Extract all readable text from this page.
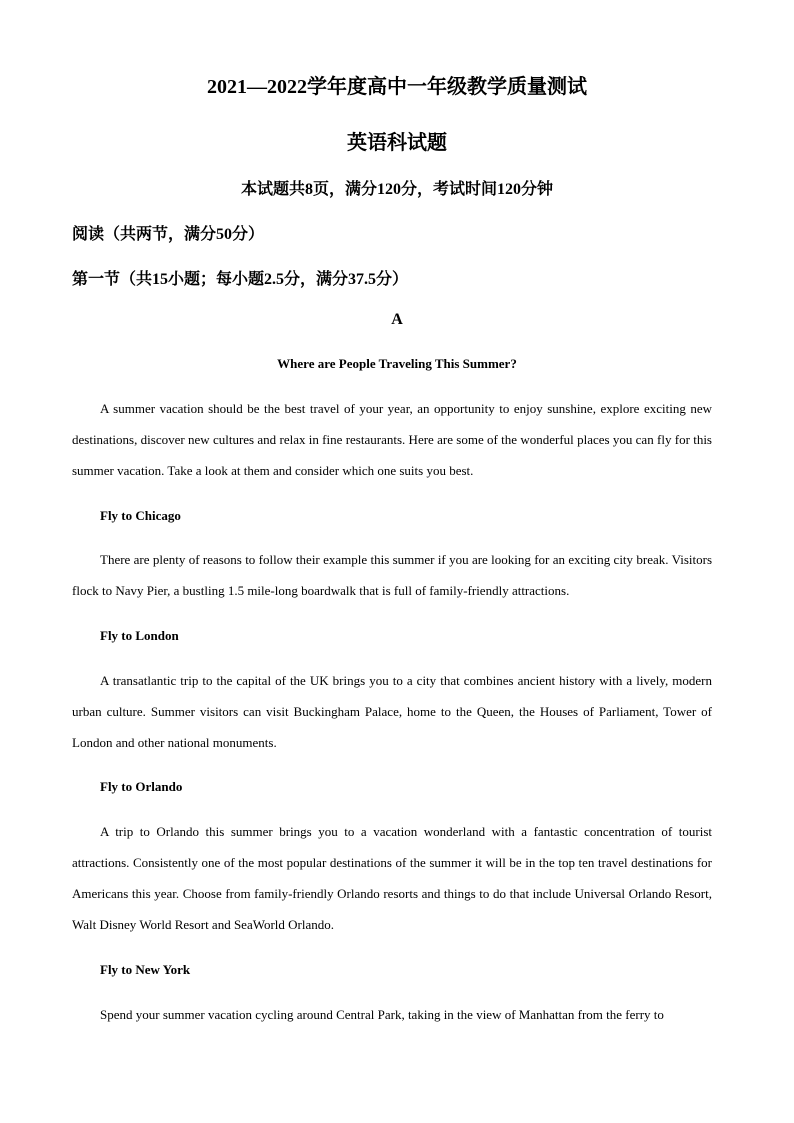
2021—2022学年度高中一年级教学质量测试
英语科试题
本试题共8页，满分120分，考试时间120分钟
阅读（共两节，满分50分）
第一节（共15小题；每小题2.5分，满分37.5分）
A
Where are People Traveling This Summer?

A summer vacation should be the best travel of your year, an opportunity to enjoy sunshine, explore exciting new destinations, discover new cultures and relax in fine restaurants. Here are some of the wonderful places you can fly for this summer vacation. Take a look at them and consider which one suits you best.

Fly to Chicago

There are plenty of reasons to follow their example this summer if you are looking for an exciting city break. Visitors flock to Navy Pier, a bustling 1.5 mile-long boardwalk that is full of family-friendly attractions.

Fly to London

A transatlantic trip to the capital of the UK brings you to a city that combines ancient history with a lively, modern urban culture. Summer visitors can visit Buckingham Palace, home to the Queen, the Houses of Parliament, Tower of London and other national monuments.

Fly to Orlando

A trip to Orlando this summer brings you to a vacation wonderland with a fantastic concentration of tourist attractions. Consistently one of the most popular destinations of the summer it will be in the top ten travel destinations for Americans this year. Choose from family-friendly Orlando resorts and things to do that include Universal Orlando Resort, Walt Disney World Resort and SeaWorld Orlando.

Fly to New York

Spend your summer vacation cycling around Central Park, taking in the view of Manhattan from the ferry to
